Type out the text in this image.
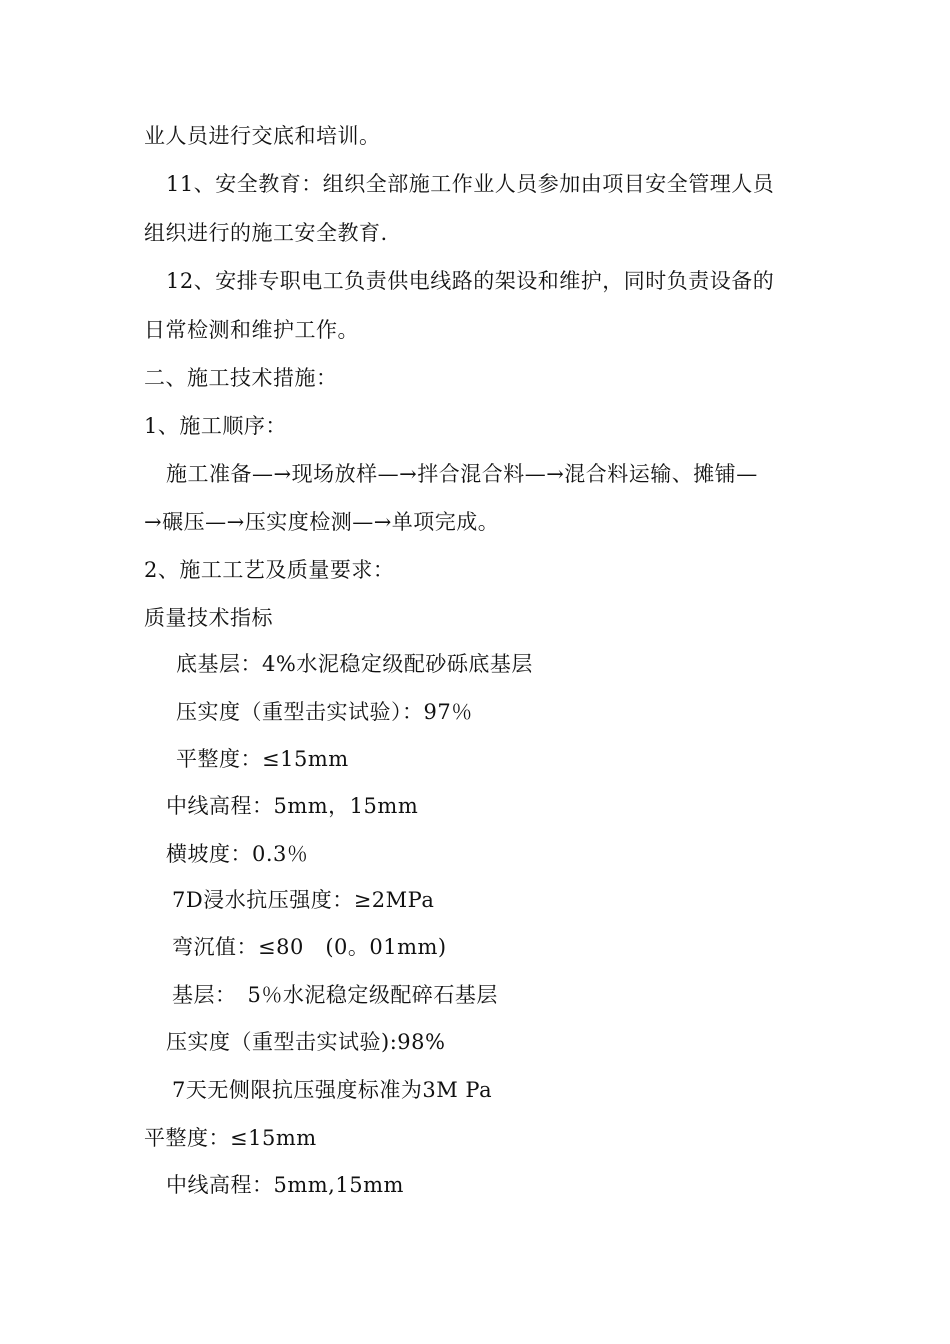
业人员进行交底和培训。
11、安全教育：组织全部施工作业人员参加由项目安全管理人员
组织进行的施工安全教育.
12、安排专职电工负责供电线路的架设和维护，同时负责设备的
日常检测和维护工作。
二、施工技术措施：
1、施工顺序：
施工准备—→现场放样—→拌合混合料—→混合料运输、摊铺—
→碾压—→压实度检测—→单项完成。
2、施工工艺及质量要求：
质量技术指标
底基层：4%水泥稳定级配砂砾底基层
压实度（重型击实试验）：97％
平整度：≤15mm
中线高程：5mm，15mm
横坡度：0.3％
7D浸水抗压强度：≥2MPa
弯沉值：≤80　(0。01mm)
基层：　5％水泥稳定级配碎石基层
压实度（重型击实试验):98%
7天无侧限抗压强度标准为3M Pa
平整度：≤15mm
中线高程：5mm,15mm
